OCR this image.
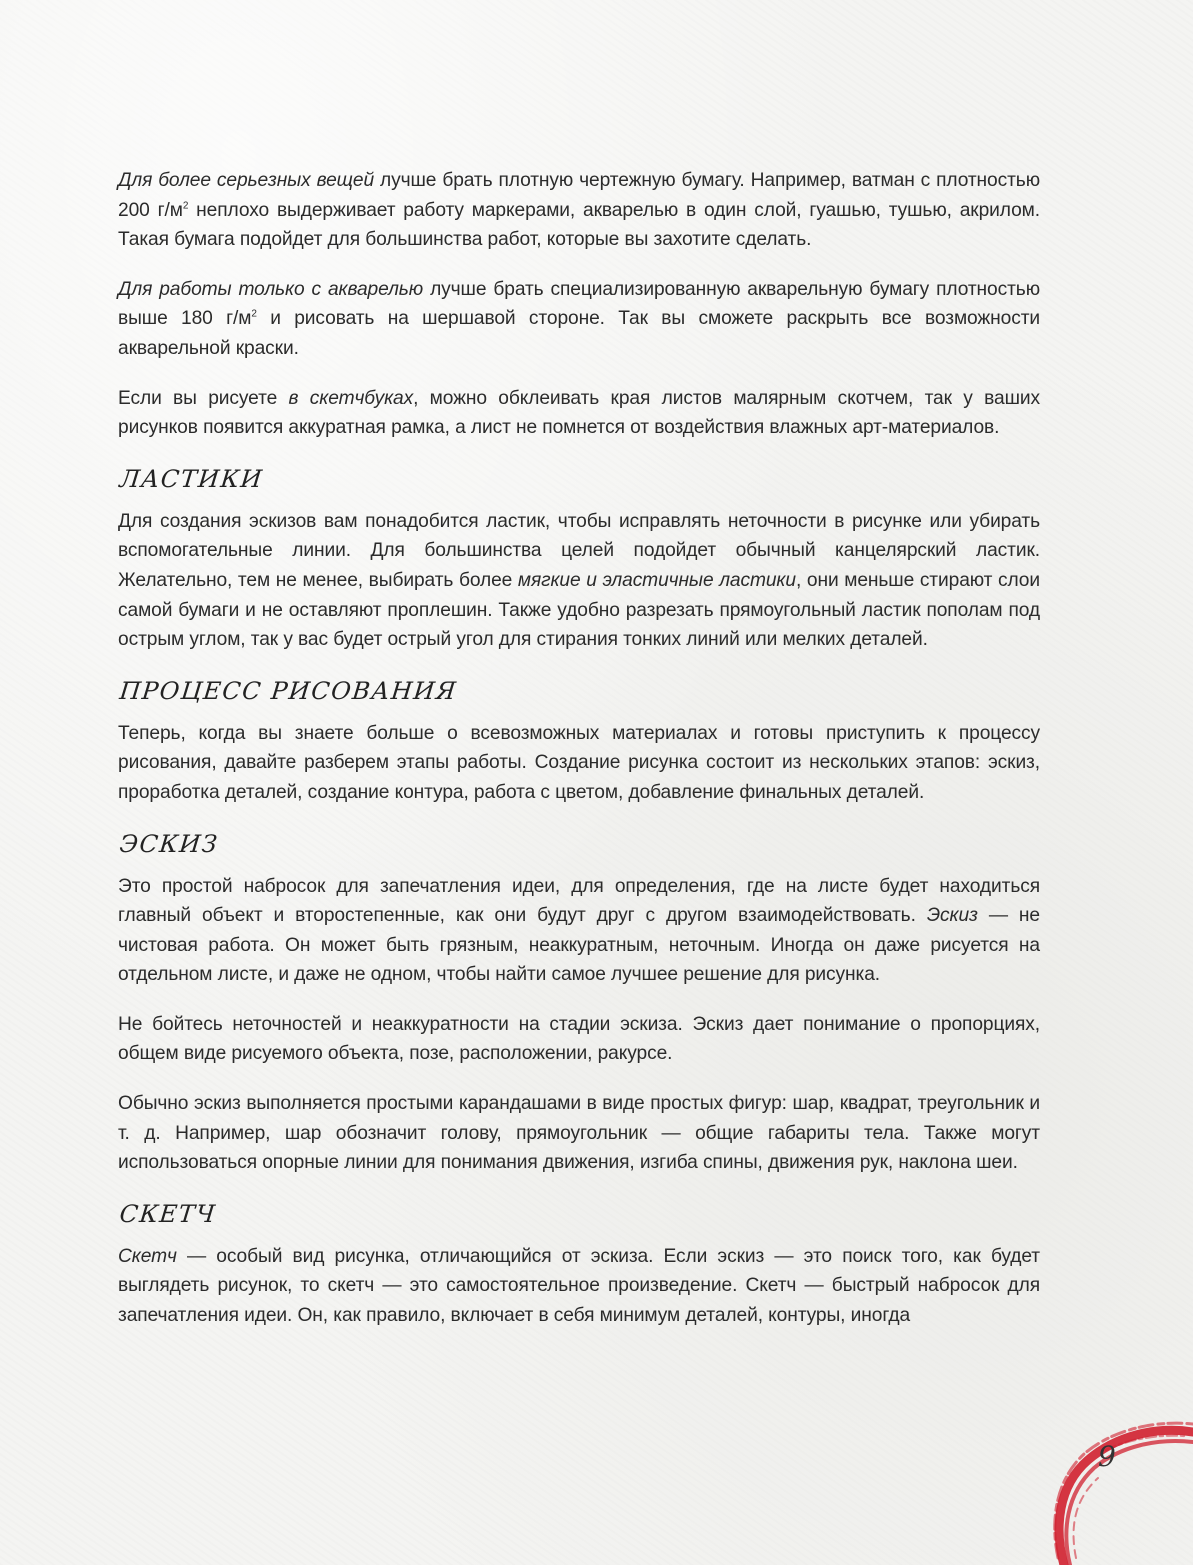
Для более серьезных вещей лучше брать плотную чертежную бумагу. Например, ватман с плотностью 200 $г/м^2$ неплохо выдерживает работу маркерами, акварелью в один слой, гуашью, тушью, акрилом. Такая бумага подойдет для большинства работ, которые вы захотите сделать.

Для работы только с акварелью лучше брать специализированную акварельную бумагу плотностью выше 180 $г/м^2$ и рисовать на шершавой стороне. Так вы сможете раскрыть все возможности акварельной краски.

Если вы рисуете в скетчбуках, можно обклеивать края листов малярным скотчем, так у ваших рисунков появится аккуратная рамка, а лист не помнется от воздействия влажных арт-материалов.

ЛАСТИКИ

Для создания эскизов вам понадобится ластик, чтобы исправлять неточности в рисунке или убирать вспомогательные линии. Для большинства целей подойдет обычный канцелярский ластик. Желательно, тем не менее, выбирать более мягкие и эластичные ластики, они меньше стирают слои самой бумаги и не оставляют проплешин. Также удобно разрезать прямоугольный ластик пополам под острым углом, так у вас будет острый угол для стирания тонких линий или мелких деталей.

ПРОЦЕСС РИСОВАНИЯ

Теперь, когда вы знаете больше о всевозможных материалах и готовы приступить к процессу рисования, давайте разберем этапы работы. Создание рисунка состоит из нескольких этапов: эскиз, проработка деталей, создание контура, работа с цветом, добавление финальных деталей.

ЭСКИЗ

Это простой набросок для запечатления идеи, для определения, где на листе будет находиться главный объект и второстепенные, как они будут друг с другом взаимодействовать. Эскиз — не чистовая работа. Он может быть грязным, неаккуратным, неточным. Иногда он даже рисуется на отдельном листе, и даже не одном, чтобы найти самое лучшее решение для рисунка.

Не бойтесь неточностей и неаккуратности на стадии эскиза. Эскиз дает понимание о пропорциях, общем виде рисуемого объекта, позе, расположении, ракурсе.

Обычно эскиз выполняется простыми карандашами в виде простых фигур: шар, квадрат, треугольник и т. д. Например, шар обозначит голову, прямоугольник — общие габариты тела. Также могут использоваться опорные линии для понимания движения, изгиба спины, движения рук, наклона шеи.

СКЕТЧ

Скетч — особый вид рисунка, отличающийся от эскиза. Если эскиз — это поиск того, как будет выглядеть рисунок, то скетч — это самостоятельное произведение. Скетч — быстрый набросок для запечатления идеи. Он, как правило, включает в себя минимум деталей, контуры, иногда

9
